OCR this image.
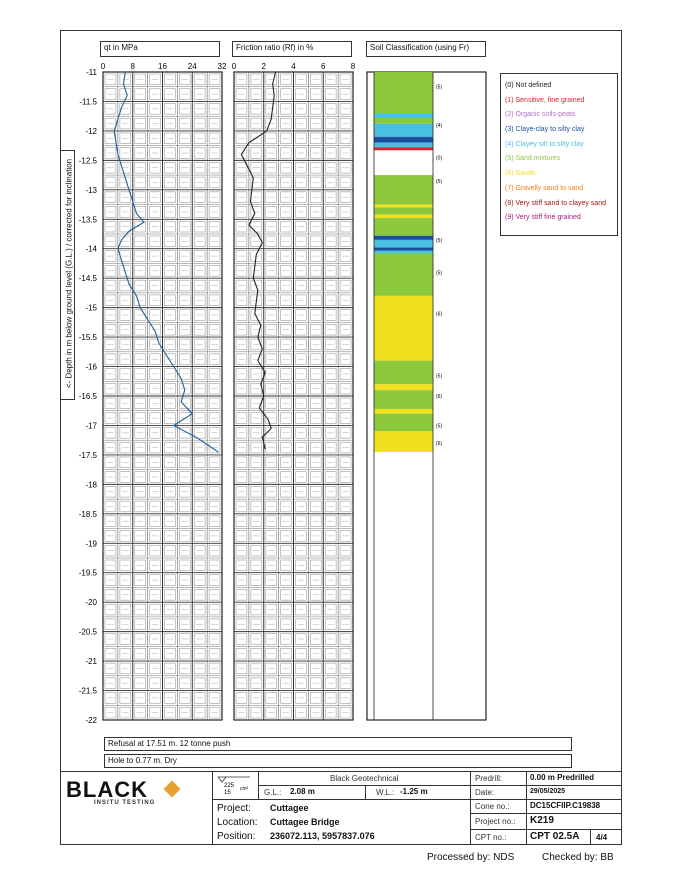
<- Depth in m below ground level (G.L.) / corrected for inclination
qt in MPa	Friction ratio (Rf) in %	Soil Classification (using Fr)
0	8	16	24	32 0	2	4	6	8
-11
-11.5
-12
-12.5
-13
-13.5
-14
-14.5
-15
-15.5
-16
-16.5
-17
-17.5
-18
-18.5
-19
-19.5
-20
-20.5
-21
-21.5
-22
(5)
(4)
(0)
(5)
(5)
(5)
(6)
(5)
(6)
(5)
(6)
(0) Not defined
(1) Sensitive, fine grained
(2) Organic soils-peats
(3) Claye-clay to silty clay
(4) Clayey silt to silty clay
(5) Sand mixtures
(6) Sands
(7) Gravelly sand to sand
(8) Very stiff sand to clayey sand
(9) Very stiff fine grained
Refusal at 17.51 m. 12 tonne push
Hole to 0.77 m. Dry
BLACK
INSITU TESTING
225
15
cm²
Black Geotechnical
G.L.: 2.08 m	W.L.: -1.25 m
Project: Cuttagee
Location: Cuttagee Bridge
Position: 236072.113, 5957837.076
Predrill:	0.00 m Predrilled
Date:	29/05/2025
Cone no.:	DC15CFIIP.C19838
Project no.: K219
CPT no.: CPT 02.5A 4/4
Processed by: NDS	Checked by: BB
